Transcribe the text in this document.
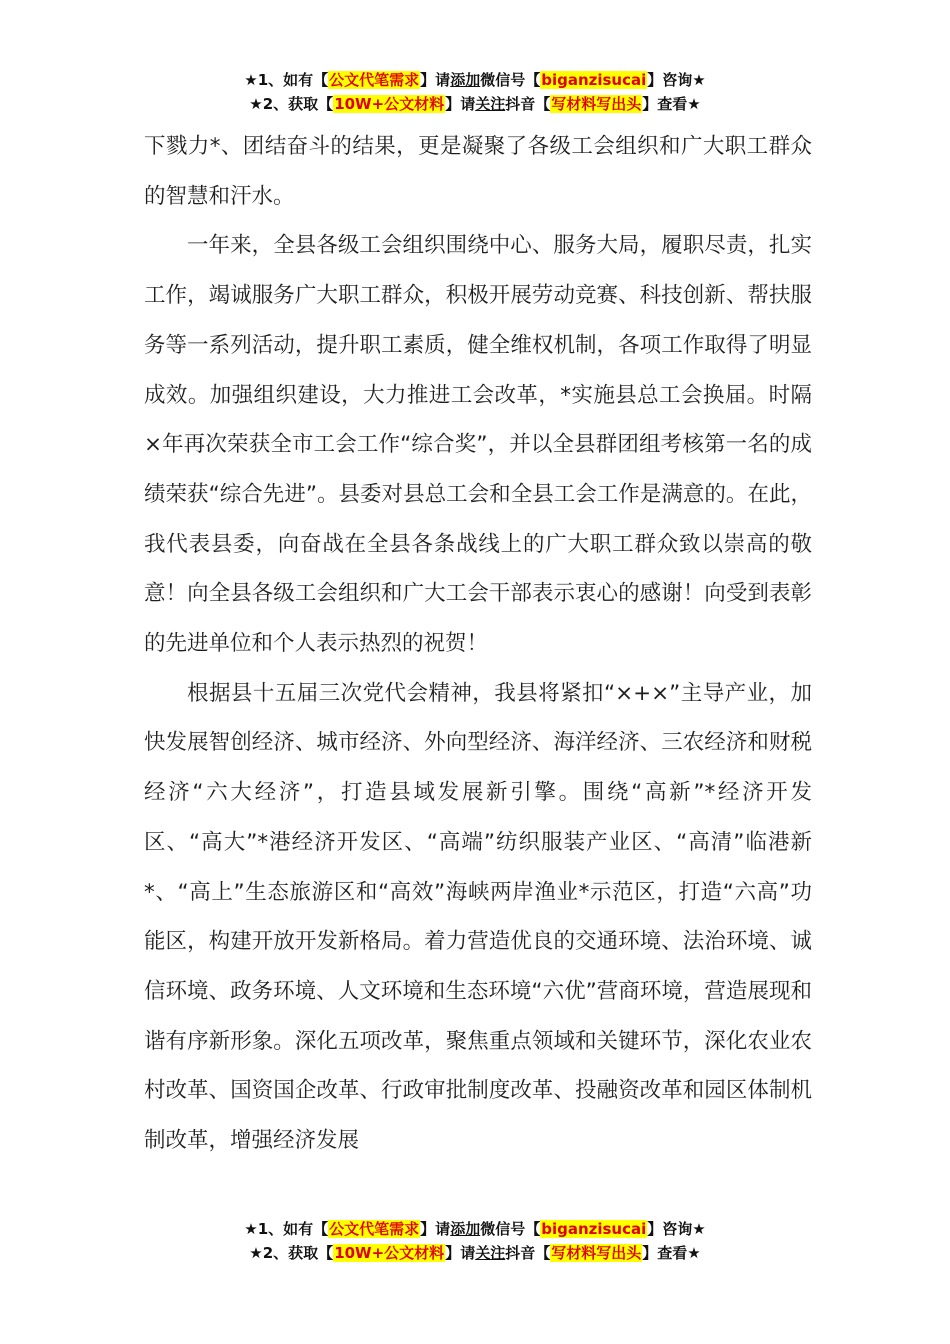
★1、如有【公文代笔需求】请添加微信号【biganzisucai】咨询★
★2、获取【10W+公文材料】请关注抖音【写材料写出头】查看★

下戮力*、团结奋斗的结果，更是凝聚了各级工会组织和广大职工群众的智慧和汗水。

一年来，全县各级工会组织围绕中心、服务大局，履职尽责，扎实工作，竭诚服务广大职工群众，积极开展劳动竞赛、科技创新、帮扶服务等一系列活动，提升职工素质，健全维权机制，各项工作取得了明显成效。加强组织建设，大力推进工会改革，*实施县总工会换届。时隔×年再次荣获全市工会工作“综合奖”，并以全县群团组考核第一名的成绩荣获“综合先进”。县委对县总工会和全县工会工作是满意的。在此，我代表县委，向奋战在全县各条战线上的广大职工群众致以崇高的敬意！向全县各级工会组织和广大工会干部表示衷心的感谢！向受到表彰的先进单位和个人表示热烈的祝贺！

根据县十五届三次党代会精神，我县将紧扣“×+×”主导产业，加快发展智创经济、城市经济、外向型经济、海洋经济、三农经济和财税经济“六大经济”，打造县域发展新引擎。围绕“高新”*经济开发区、“高大”*港经济开发区、“高端”纺织服装产业区、“高清”临港新*、“高上”生态旅游区和“高效”海峡两岸渔业*示范区，打造“六高”功能区，构建开放开发新格局。着力营造优良的交通环境、法治环境、诚信环境、政务环境、人文环境和生态环境“六优”营商环境，营造展现和谐有序新形象。深化五项改革，聚焦重点领域和关键环节，深化农业农村改革、国资国企改革、行政审批制度改革、投融资改革和园区体制机制改革，增强经济发展

★1、如有【公文代笔需求】请添加微信号【biganzisucai】咨询★
★2、获取【10W+公文材料】请关注抖音【写材料写出头】查看★
